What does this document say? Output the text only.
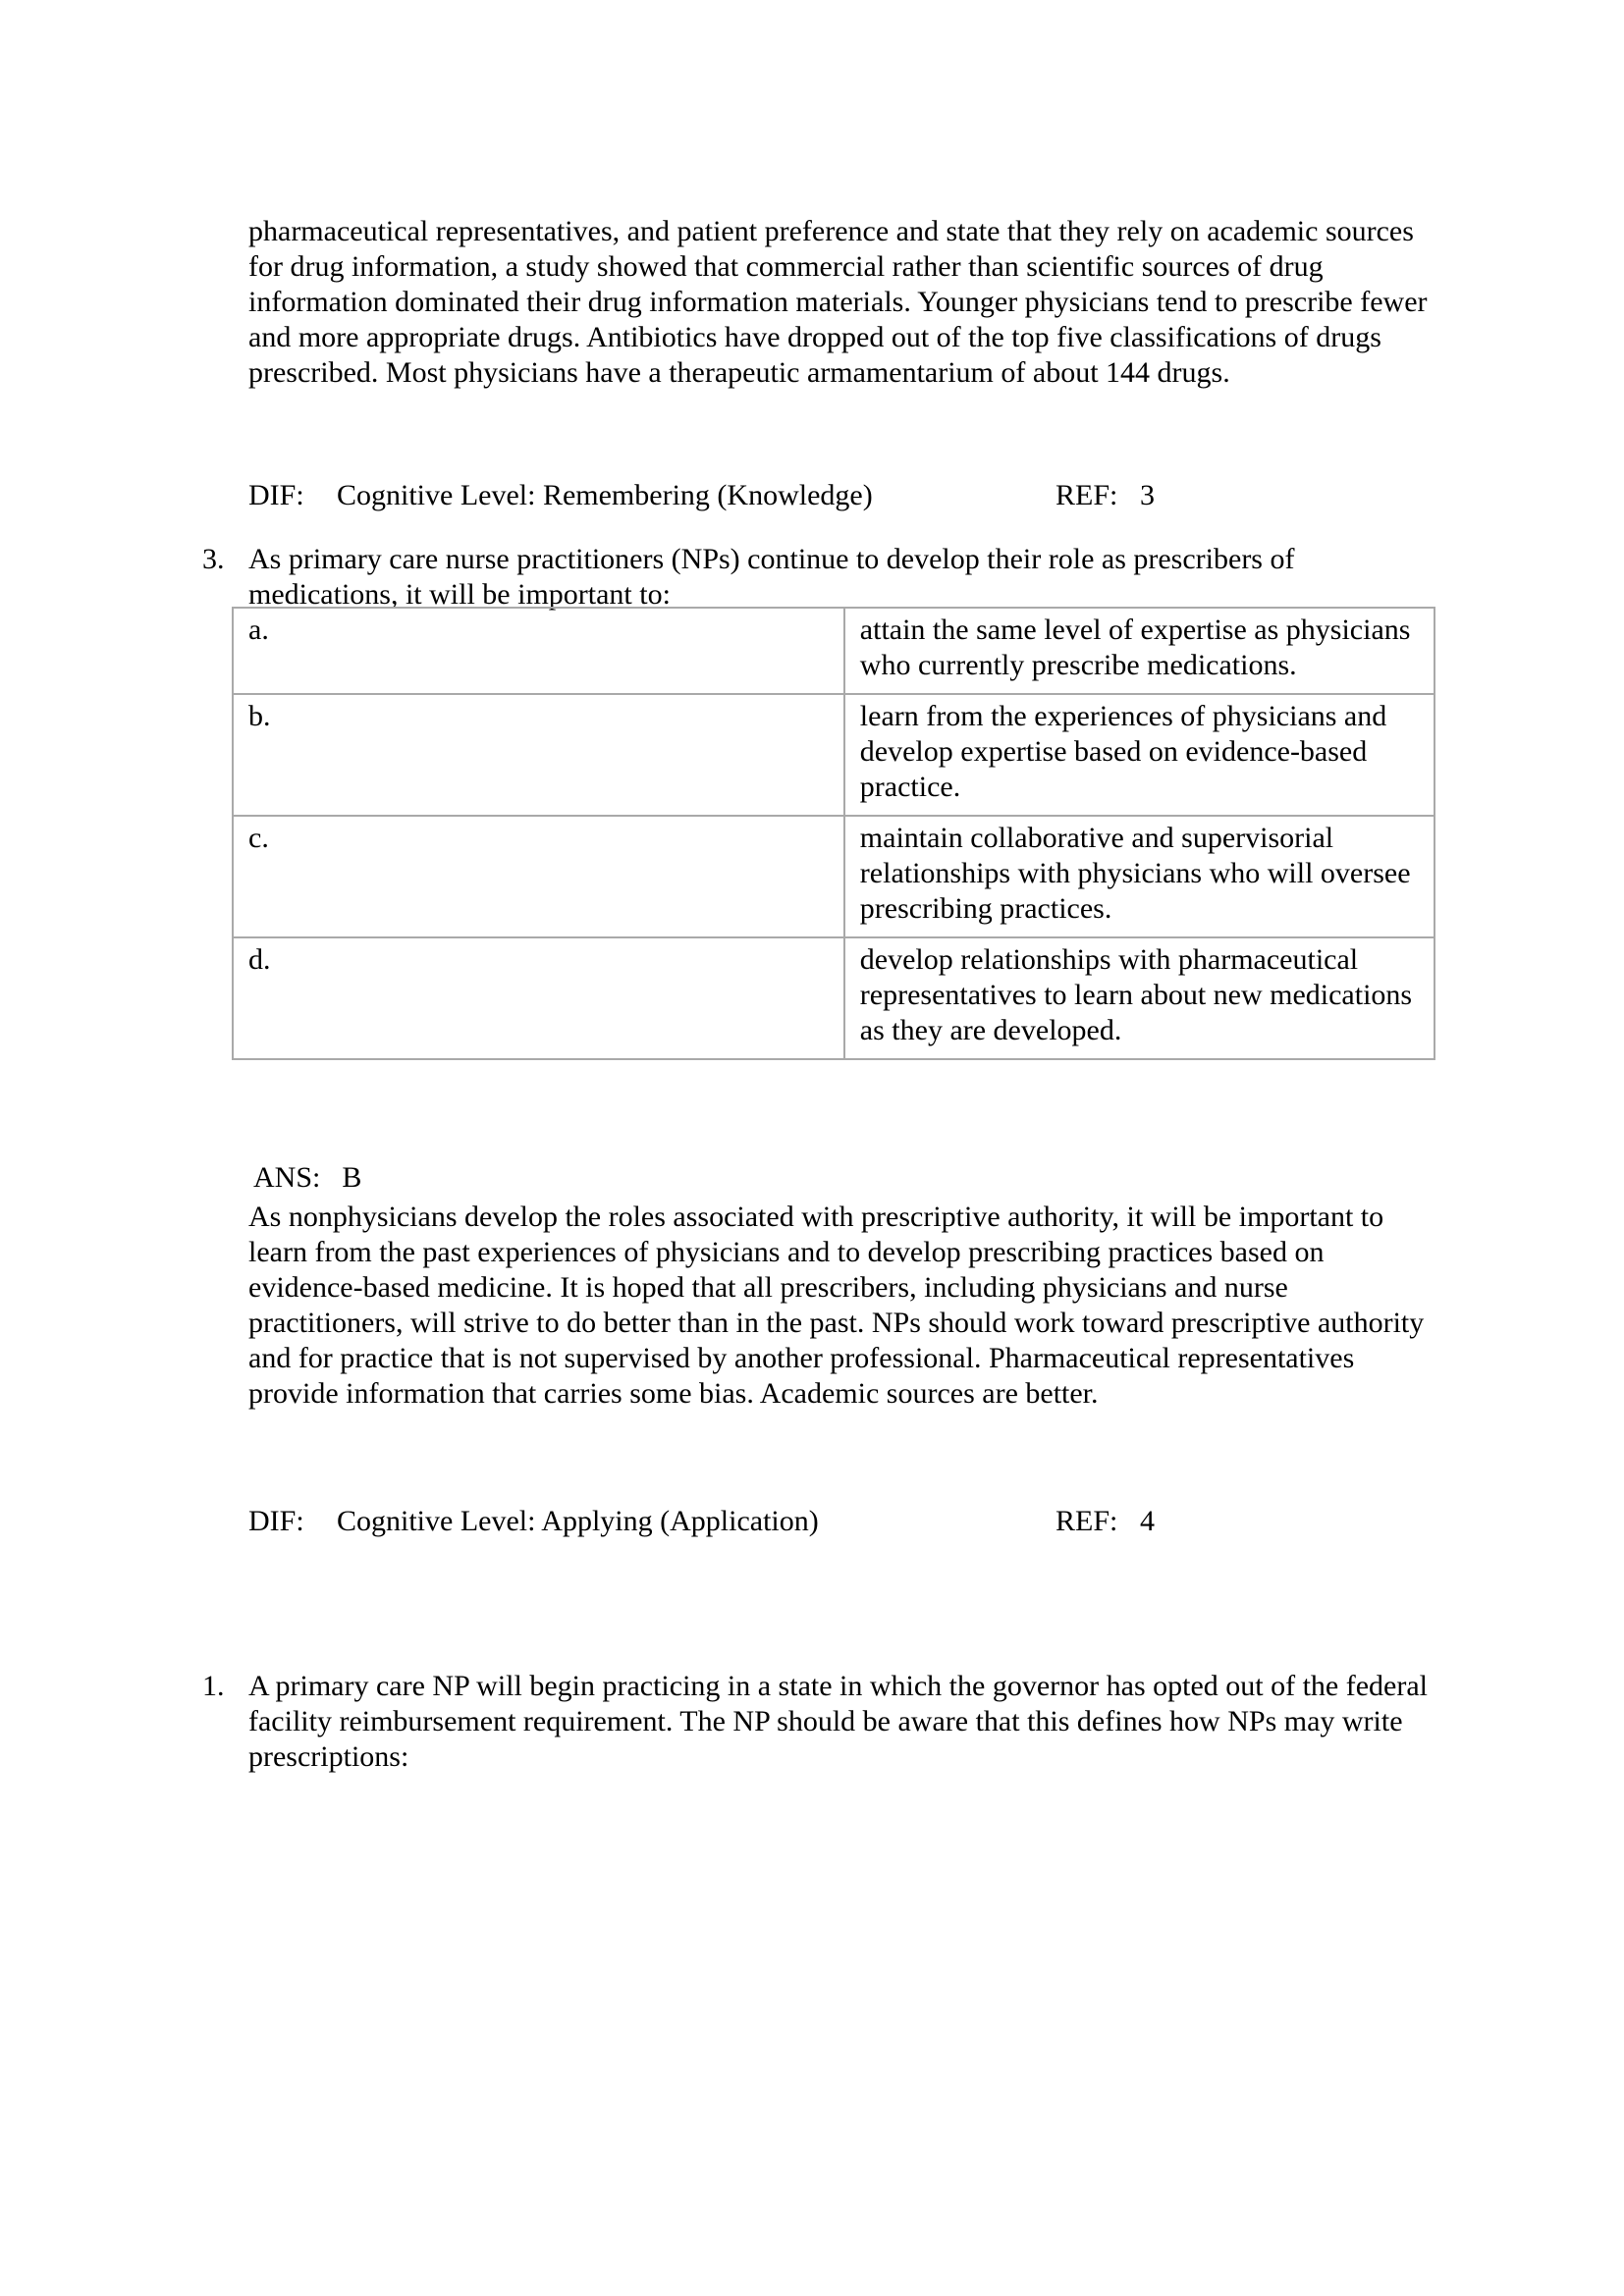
pharmaceutical representatives, and patient preference and state that they rely on academic sources for drug information, a study showed that commercial rather than scientific sources of drug information dominated their drug information materials. Younger physicians tend to prescribe fewer and more appropriate drugs. Antibiotics have dropped out of the top five classifications of drugs prescribed. Most physicians have a therapeutic armamentarium of about 144 drugs.

DIF: Cognitive Level: Remembering (Knowledge)	REF: 3
3. As primary care nurse practitioners (NPs) continue to develop their role as prescribers of medications, it will be important to:
a.	attain the same level of expertise as physicians who currently prescribe medications.
b.	learn from the experiences of physicians and develop expertise based on evidence-based practice.
c.	maintain collaborative and supervisorial relationships with physicians who will oversee prescribing practices.
d.	develop relationships with pharmaceutical representatives to learn about new medications as they are developed.
ANS: B

As nonphysicians develop the roles associated with prescriptive authority, it will be important to learn from the past experiences of physicians and to develop prescribing practices based on evidence-based medicine. It is hoped that all prescribers, including physicians and nurse practitioners, will strive to do better than in the past. NPs should work toward prescriptive authority and for practice that is not supervised by another professional. Pharmaceutical representatives provide information that carries some bias. Academic sources are better.

DIF: Cognitive Level: Applying (Application)	REF: 4
1. A primary care NP will begin practicing in a state in which the governor has opted out of the federal facility reimbursement requirement. The NP should be aware that this defines how NPs may write prescriptions:
